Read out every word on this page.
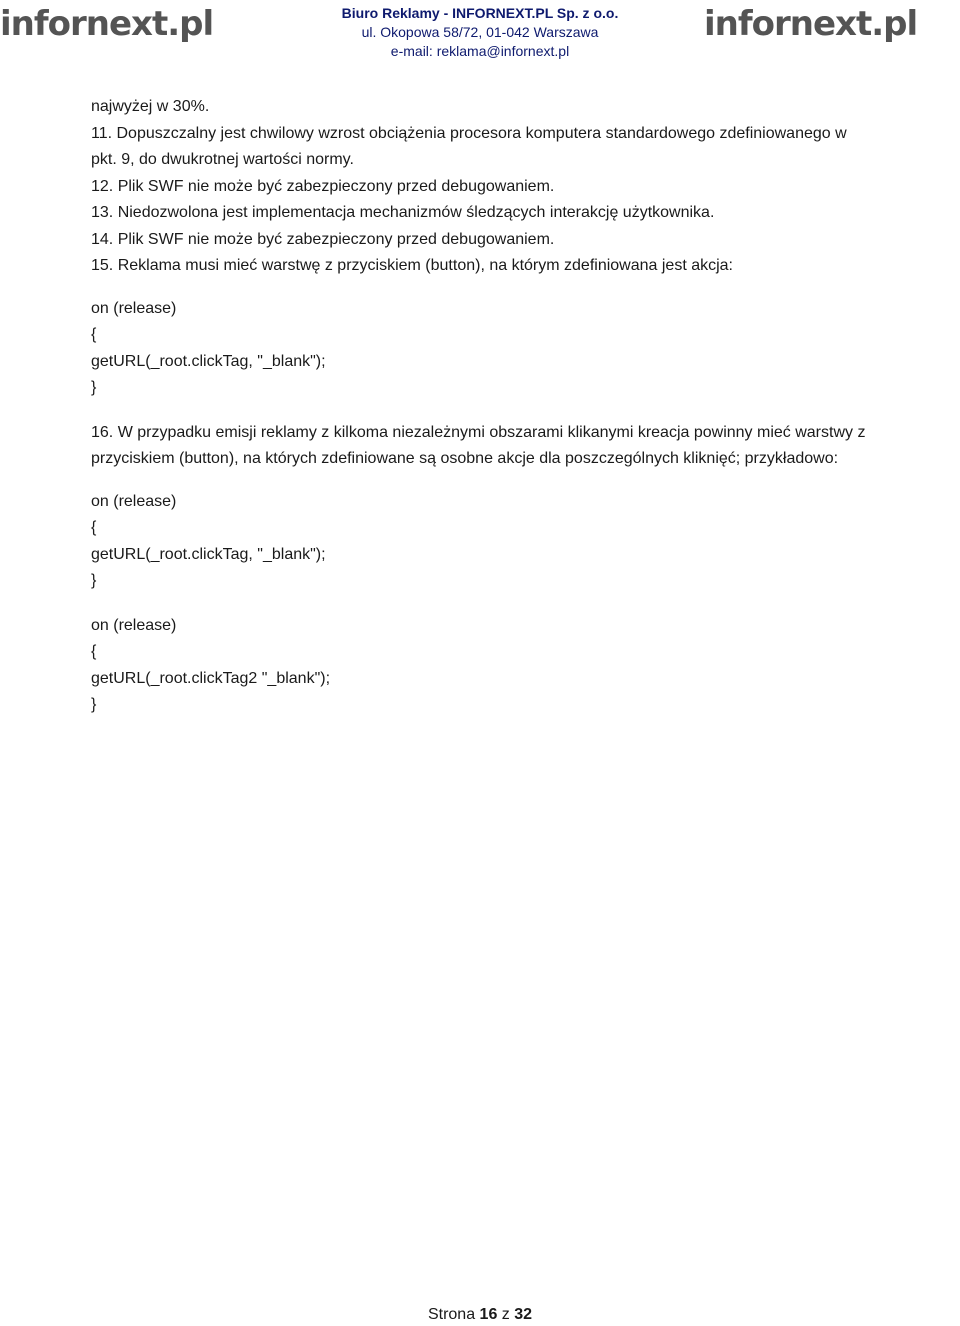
infornext.pl	Biuro Reklamy - INFORNEXT.PL Sp. z o.o.
ul. Okopowa 58/72, 01-042 Warszawa
e-mail: reklama@infornext.pl
infornext.pl

najwyżej w 30%.

11. Dopuszczalny jest chwilowy wzrost obciążenia procesora komputera standardowego zdefiniowanego w pkt. 9, do dwukrotnej wartości normy.

12. Plik SWF nie może być zabezpieczony przed debugowaniem.

13. Niedozwolona jest implementacja mechanizmów śledzących interakcję użytkownika.

14. Plik SWF nie może być zabezpieczony przed debugowaniem.

15. Reklama musi mieć warstwę z przyciskiem (button), na którym zdefiniowana jest akcja:

on (release)

{

getURL(_root.clickTag, "_blank");

}

16. W przypadku emisji reklamy z kilkoma niezależnymi obszarami klikanymi kreacja powinny mieć warstwy z przyciskiem (button), na których zdefiniowane są osobne akcje dla poszczególnych kliknięć; przykładowo:

on (release)

{

getURL(_root.clickTag, "_blank");

}

on (release)

{

getURL(_root.clickTag2 "_blank");

}

Strona 16 z 32
